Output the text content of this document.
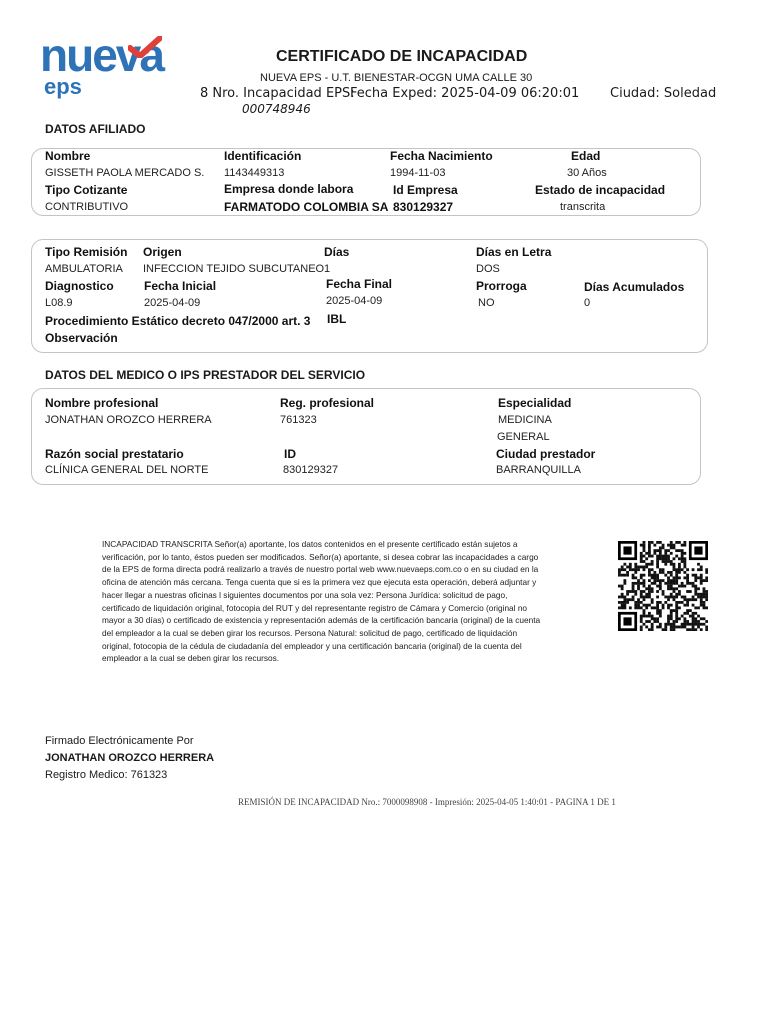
nueva
eps
CERTIFICADO DE INCAPACIDAD
NUEVA EPS - U.T. BIENESTAR-OCGN UMA CALLE 30
8 Nro. Incapacidad EPS:
Fecha Exped: 2025-04-09 06:20:01 Ciudad: Soledad
000748946
DATOS AFILIADO
Nombre
GISSETH PAOLA MERCADO S.
Identificación
1143449313
Fecha Nacimiento
1994-11-03
Edad
30 Años
Tipo Cotizante
CONTRIBUTIVO
Empresa donde labora
FARMATODO COLOMBIA SA
Id Empresa
830129327
Estado de incapacidad
transcrita
Tipo Remisión
AMBULATORIA
Origen
INFECCION TEJIDO SUBCUTANEO
Días
1
Días en Letra
DOS
Diagnostico
L08.9
Fecha Inicial
2025-04-09
Fecha Final
2025-04-09
Prorroga
NO
Días Acumulados
0
Procedimiento Estático decreto 047/2000 art. 3 IBL
Observación
DATOS DEL MEDICO O IPS PRESTADOR DEL SERVICIO
Nombre profesional
JONATHAN OROZCO HERRERA
Reg. profesional
761323
Especialidad
MEDICINA
GENERAL
Razón social prestatario
CLÍNICA GENERAL DEL NORTE
ID
830129327
Ciudad prestador
BARRANQUILLA
INCAPACIDAD TRANSCRITA Señor(a) aportante, los datos contenidos en el presente certificado están sujetos a verificación, por lo tanto, éstos pueden ser modificados. Señor(a) aportante, si desea cobrar las incapacidades a cargo de la EPS de forma directa podrá realizarlo a través de nuestro portal web www.nuevaeps.com.co o en su ciudad en la oficina de atención más cercana. Tenga cuenta que si es la primera vez que ejecuta esta operación, deberá adjuntar y hacer llegar a nuestras oficinas l siguientes documentos por una sola vez: Persona Jurídica: solicitud de pago, certificado de liquidación original, fotocopia del RUT y del representante registro de Cámara y Comercio (original no mayor a 30 días) o certificado de existencia y representación además de la certificación bancaria (original) de la cuenta del empleador a la cual se deben girar los recursos. Persona Natural: solicitud de pago, certificado de liquidación original, fotocopia de la cédula de ciudadanía del empleador y una certificación bancaria (original) de la cuenta del empleador a la cual se deben girar los recursos.
Firmado Electrónicamente Por
JONATHAN OROZCO HERRERA
Registro Medico: 761323
REMISIÓN DE INCAPACIDAD Nro.: 7000098908 - Impresión: 2025-04-05 1:40:01 - PAGINA 1 DE 1
